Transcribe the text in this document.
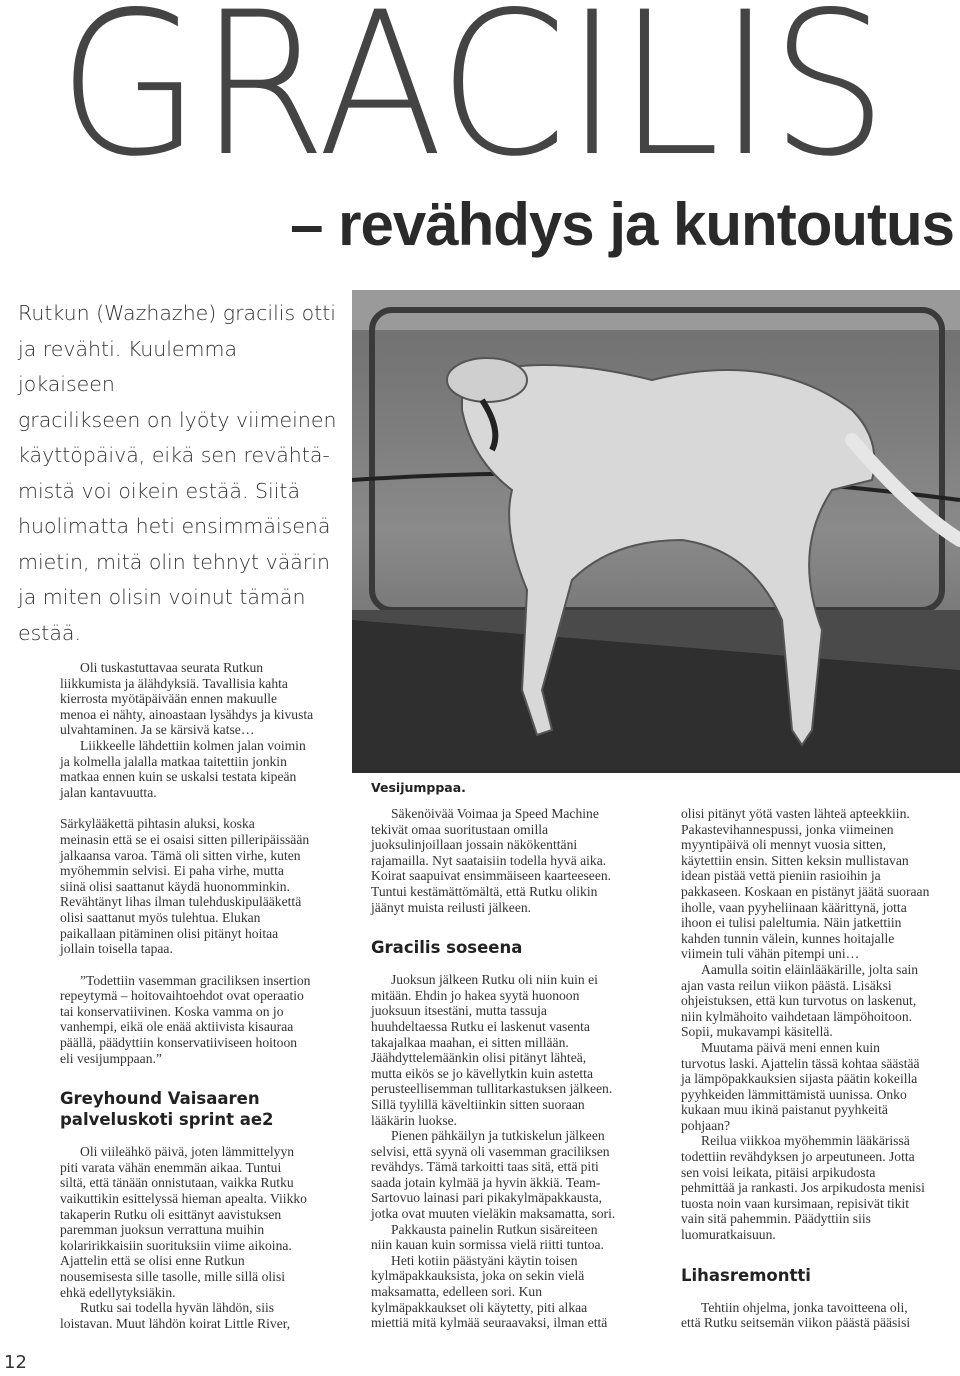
GRACILIS
– revähdys ja kuntoutus
Rutkun (Wazhazhe) gracilis otti
ja revähti. Kuulemma jokaiseen
gracilikseen on lyöty viimeinen
käyttöpäivä, eikä sen revähtä-
mistä voi oikein estää. Siitä
huolimatta heti ensimmäisenä
mietin, mitä olin tehnyt väärin
ja miten olisin voinut tämän
estää.
Vesijumppaa.

Oli tuskastuttavaa seurata Rutkun
liikkumista ja älähdyksiä. Tavallisia kahta
kierrosta myötäpäivään ennen makuulle
menoa ei nähty, ainoastaan lysähdys ja kivusta
ulvahtaminen. Ja se kärsivä katse…

Liikkeelle lähdettiin kolmen jalan voimin
ja kolmella jalalla matkaa taitettiin jonkin
matkaa ennen kuin se uskalsi testata kipeän
jalan kantavuutta.

Särkylääkettä pihtasin aluksi, koska
meinasin että se ei osaisi sitten pilleripäissään
jalkaansa varoa. Tämä oli sitten virhe, kuten
myöhemmin selvisi. Ei paha virhe, mutta
siinä olisi saattanut käydä huonomminkin.
Revähtänyt lihas ilman tulehduskipulääkettä
olisi saattanut myös tulehtua. Elukan
paikallaan pitäminen olisi pitänyt hoitaa
jollain toisella tapaa.

”Todettiin vasemman graciliksen insertion
repeytymä – hoitovaihtoehdot ovat operaatio
tai konservatiivinen. Koska vamma on jo
vanhempi, eikä ole enää aktiivista kisauraa
päällä, päädyttiin konservatiiviseen hoitoon
eli vesijumppaan.”

Greyhound Vaisaaren
palveluskoti sprint ae2

Oli viileähkö päivä, joten lämmittelyyn
piti varata vähän enemmän aikaa. Tuntui
siltä, että tänään onnistutaan, vaikka Rutku
vaikuttikin esittelyssä hieman apealta. Viikko
takaperin Rutku oli esittänyt aavistuksen
paremman juoksun verrattuna muihin
kolaririkkaisiin suorituksiin viime aikoina.
Ajattelin että se olisi enne Rutkun
nousemisesta sille tasolle, mille sillä olisi
ehkä edellytyksiäkin.

Rutku sai todella hyvän lähdön, siis
loistavan. Muut lähdön koirat Little River,

Säkenöivää Voimaa ja Speed Machine
tekivät omaa suoritustaan omilla
juoksulinjoillaan jossain näkökenttäni
rajamailla. Nyt saataisiin todella hyvä aika.
Koirat saapuivat ensimmäiseen kaarteeseen.
Tuntui kestämättömältä, että Rutku olikin
jäänyt muista reilusti jälkeen.

Gracilis soseena

Juoksun jälkeen Rutku oli niin kuin ei
mitään. Ehdin jo hakea syytä huonoon
juoksuun itsestäni, mutta tassuja
huuhdeltaessa Rutku ei laskenut vasenta
takajalkaa maahan, ei sitten millään.
Jäähdyttelemäänkin olisi pitänyt lähteä,
mutta eikös se jo kävellytkin kuin astetta
perusteellisemman tullitarkastuksen jälkeen.
Sillä tyylillä käveltiinkin sitten suoraan
lääkärin luokse.

Pienen pähkäilyn ja tutkiskelun jälkeen
selvisi, että syynä oli vasemman graciliksen
revähdys. Tämä tarkoitti taas sitä, että piti
saada jotain kylmää ja hyvin äkkiä. Team-
Sartovuo lainasi pari pikakylmäpakkausta,
jotka ovat muuten vieläkin maksamatta, sori.

Pakkausta painelin Rutkun sisäreiteen
niin kauan kuin sormissa vielä riitti tuntoa.

Heti kotiin päästyäni käytin toisen
kylmäpakkauksista, joka on sekin vielä
maksamatta, edelleen sori. Kun
kylmäpakkaukset oli käytetty, piti alkaa
miettiä mitä kylmää seuraavaksi, ilman että

olisi pitänyt yötä vasten lähteä apteekkiin.
Pakastevihannespussi, jonka viimeinen
myyntipäivä oli mennyt vuosia sitten,
käytettiin ensin. Sitten keksin mullistavan
idean pistää vettä pieniin rasioihin ja
pakkaseen. Koskaan en pistänyt jäätä suoraan
iholle, vaan pyyheliinaan käärittynä, jotta
ihoon ei tulisi paleltumia. Näin jatkettiin
kahden tunnin välein, kunnes hoitajalle
viimein tuli vähän pitempi uni…

Aamulla soitin eläinlääkärille, jolta sain
ajan vasta reilun viikon päästä. Lisäksi
ohjeistuksen, että kun turvotus on laskenut,
niin kylmähoito vaihdetaan lämpöhoitoon.
Sopii, mukavampi käsitellä.

Muutama päivä meni ennen kuin
turvotus laski. Ajattelin tässä kohtaa säästää
ja lämpöpakkauksien sijasta päätin kokeilla
pyyhkeiden lämmittämistä uunissa. Onko
kukaan muu ikinä paistanut pyyhkeitä
pohjaan?

Reilua viikkoa myöhemmin lääkärissä
todettiin revähdyksen jo arpeutuneen. Jotta
sen voisi leikata, pitäisi arpikudosta
pehmittää ja rankasti. Jos arpikudosta menisi
tuosta noin vaan kursimaan, repisivät tikit
vain sitä pahemmin. Päädyttiin siis
luomuratkaisuun.

Lihasremontti

Tehtiin ohjelma, jonka tavoitteena oli,
että Rutku seitsemän viikon päästä pääsisi

12
